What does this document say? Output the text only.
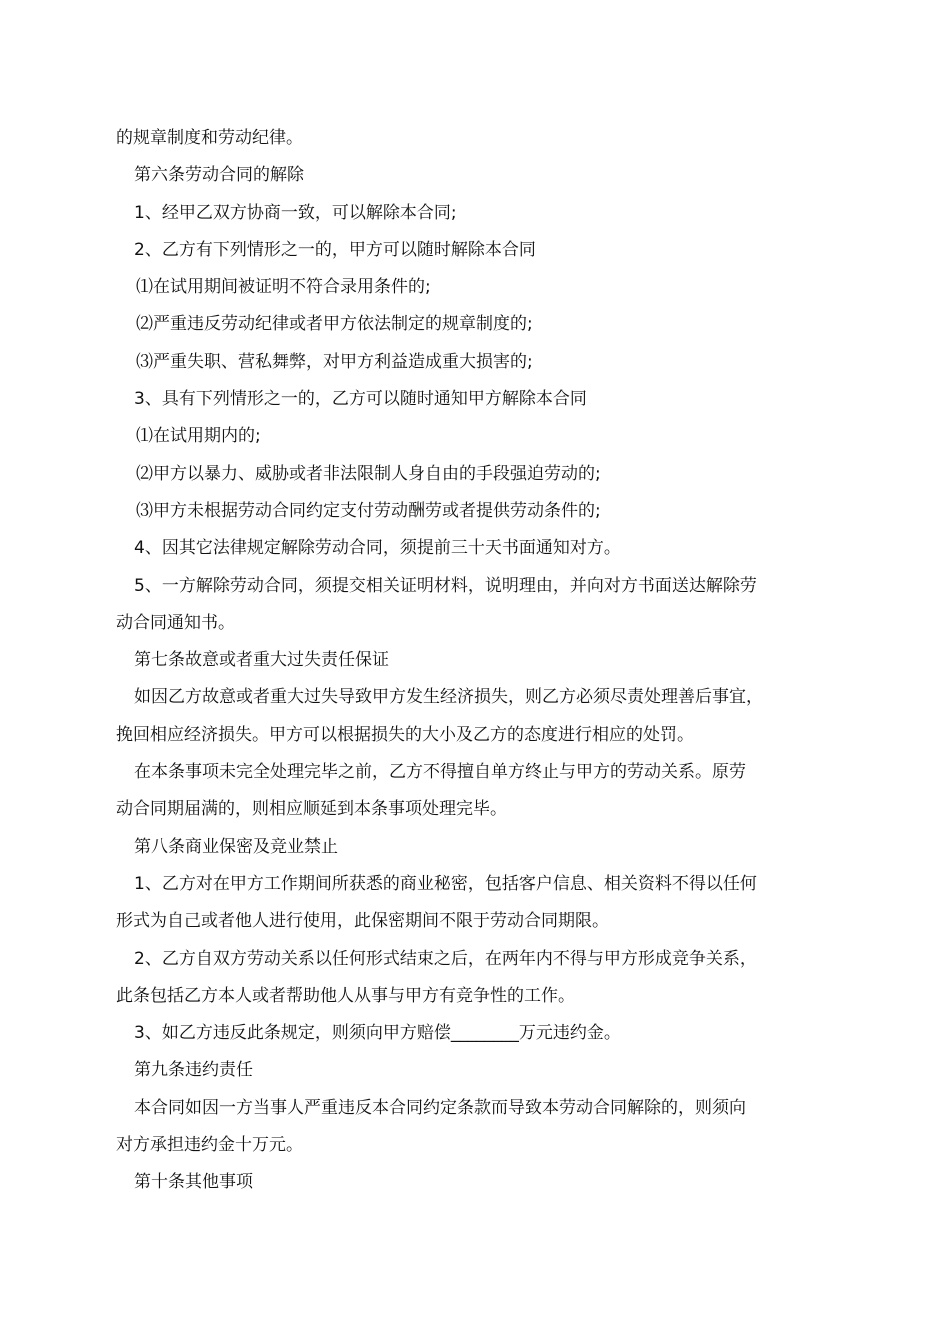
的规章制度和劳动纪律。

第六条劳动合同的解除

1、经甲乙双方协商一致，可以解除本合同;

2、乙方有下列情形之一的，甲方可以随时解除本合同

⑴在试用期间被证明不符合录用条件的;

⑵严重违反劳动纪律或者甲方依法制定的规章制度的;

⑶严重失职、营私舞弊，对甲方利益造成重大损害的;

3、具有下列情形之一的，乙方可以随时通知甲方解除本合同

⑴在试用期内的;

⑵甲方以暴力、威胁或者非法限制人身自由的手段强迫劳动的;

⑶甲方未根据劳动合同约定支付劳动酬劳或者提供劳动条件的;

4、因其它法律规定解除劳动合同，须提前三十天书面通知对方。

5、一方解除劳动合同，须提交相关证明材料，说明理由，并向对方书面送达解除劳

动合同通知书。

第七条故意或者重大过失责任保证

如因乙方故意或者重大过失导致甲方发生经济损失，则乙方必须尽责处理善后事宜，

挽回相应经济损失。甲方可以根据损失的大小及乙方的态度进行相应的处罚。

在本条事项未完全处理完毕之前，乙方不得擅自单方终止与甲方的劳动关系。原劳

动合同期届满的，则相应顺延到本条事项处理完毕。

第八条商业保密及竞业禁止

1、乙方对在甲方工作期间所获悉的商业秘密，包括客户信息、相关资料不得以任何

形式为自己或者他人进行使用，此保密期间不限于劳动合同期限。

2、乙方自双方劳动关系以任何形式结束之后，在两年内不得与甲方形成竞争关系，

此条包括乙方本人或者帮助他人从事与甲方有竞争性的工作。

3、如乙方违反此条规定，则须向甲方赔偿________万元违约金。

第九条违约责任

本合同如因一方当事人严重违反本合同约定条款而导致本劳动合同解除的，则须向

对方承担违约金十万元。

第十条其他事项
